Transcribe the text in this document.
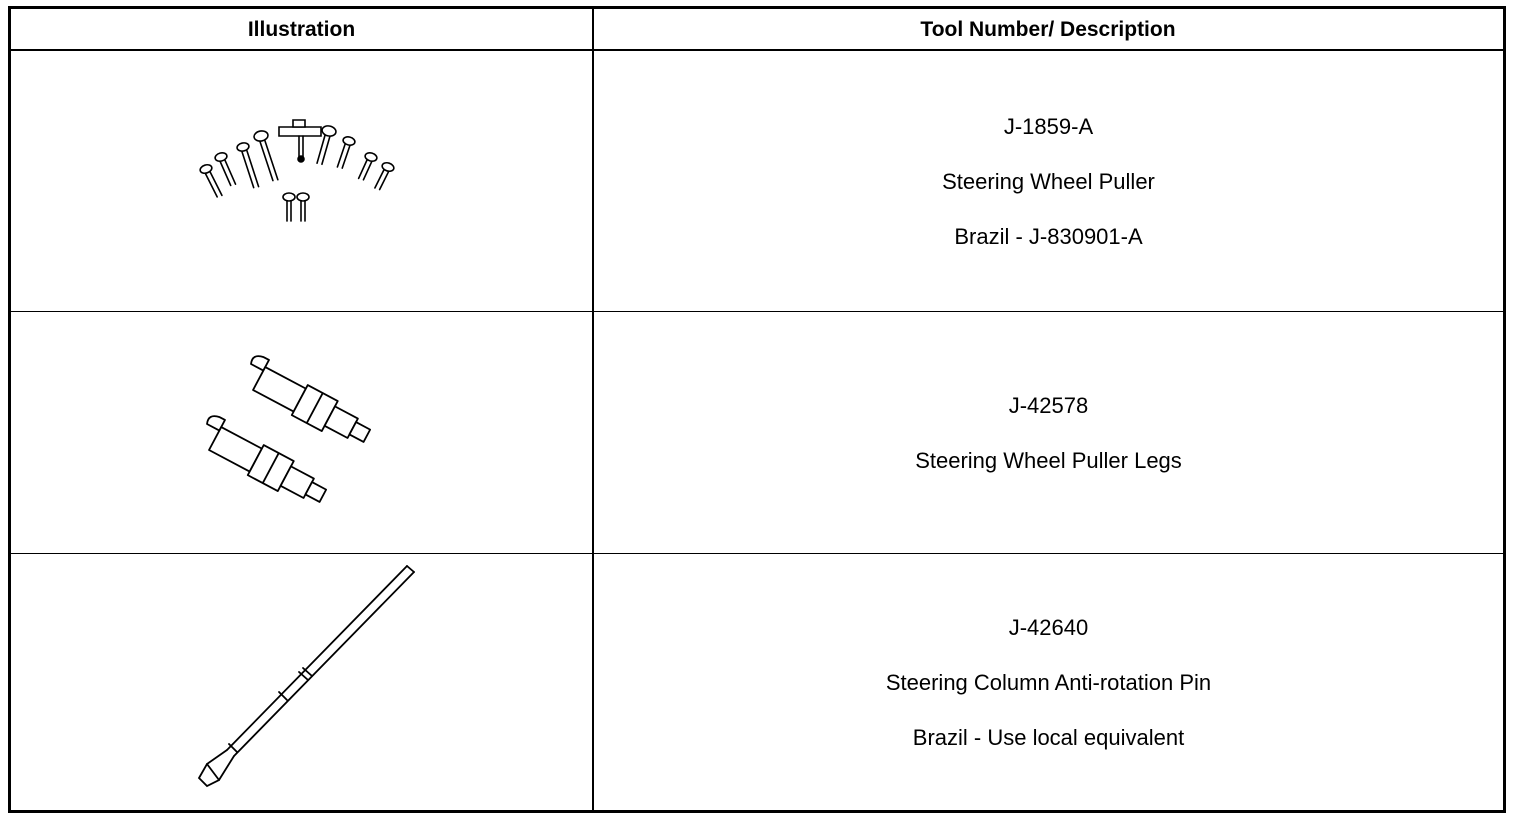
Illustration	Tool Number/ Description
J-1859-A
Steering Wheel Puller
Brazil - J-830901-A
J-42578
Steering Wheel Puller Legs
J-42640
Steering Column Anti-rotation Pin
Brazil - Use local equivalent
